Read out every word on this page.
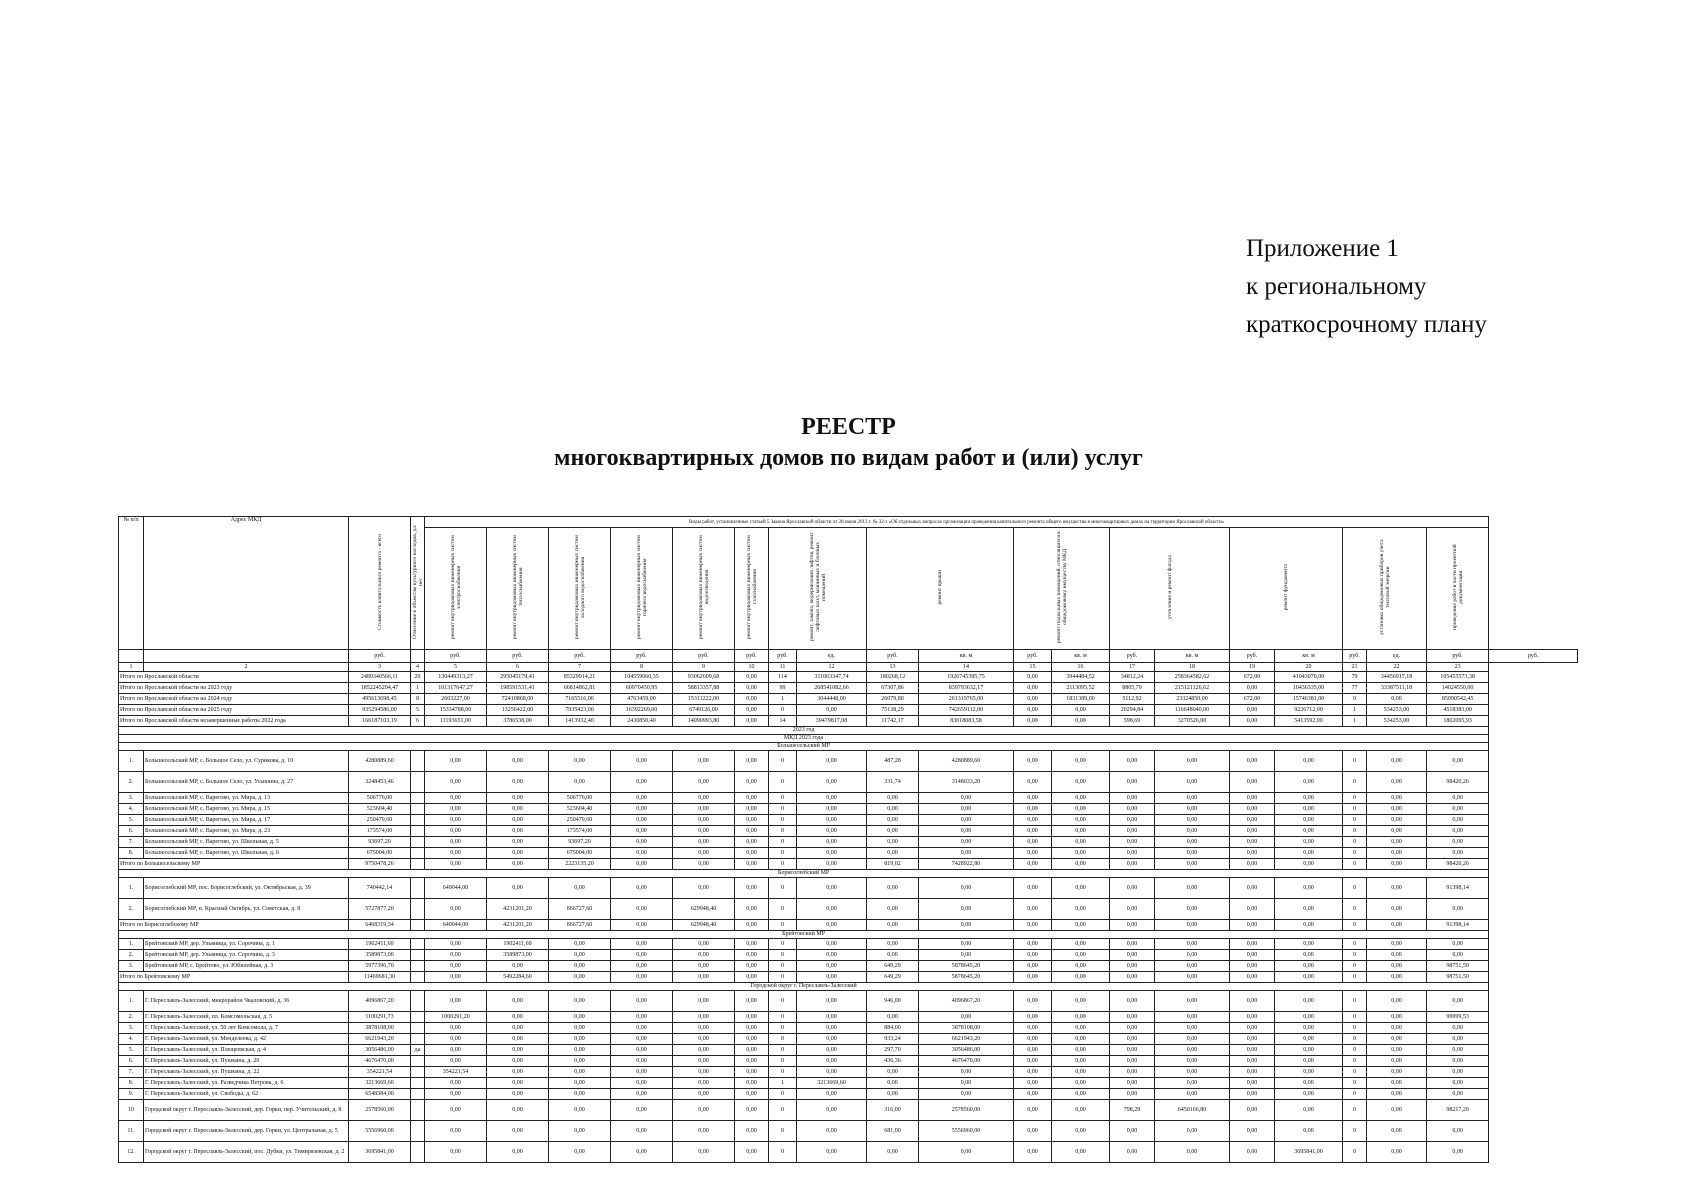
Приложение 1
к региональному
краткосрочному плану
РЕЕСТР
многоквартирных домов по видам работ и (или) услуг
№ п/п	Адрес МКД	Стоимость капитального ремонта - всего	Отнесение к объектам культурного наследия, да/нет	Виды работ, установленные статьей 5 Закона Ярославской области от 28 июня 2013 г. № 32-з «Об отдельных вопросах организации проведения капитального ремонта общего имущества в многоквартирных домах на территории Ярославской области»																			
				ремонт внутридомовых инженерных систем электроснабжения	ремонт внутридомовых инженерных систем теплоснабжения	ремонт внутридомовых инженерных систем холодного водоснабжения	ремонт внутридомовых инженерных систем горячего водоснабжения	ремонт внутридомовых инженерных систем водоотведения	ремонт внутридомовых инженерных систем газоснабжения	ремонт, замена, модернизация лифтов, ремонт лифтовых шахт, машинных и блочных помещений		ремонт крыши		ремонт подвальных помещений, относящихся к общедомовому имуществу МКД		утепление и ремонт фасада		ремонт фундамента		установка общедомовых приборов учета тепловой энергии		проведение работ в части проектной документации	
		руб.		руб.	руб.	руб.	руб.	руб.	руб.	руб.	ед.	руб.	кв. м	руб.	кв. м	руб.	кв. м	руб.	кв. м	руб.	ед.	руб.	руб.
1	2	3	4	5	6	7	8	9	10	11	12	13	14	15	16	17	18	19	20	21	22	23	
Итого по Ярославской области		2489340566,11	20	130449313,27	295045179,41	85329914,21	104559060,35	93062609,68	0,00	114	311063347,74	180268,12	1926745395,75	0,00	3944484,52	34812,24	258364582,62	672,00	41043070,00	79	34456917,18	105455573,38	
Итого по Ярославской области на 2023 году		1852245204,47	1	101317647,27	198591531,41	66814862,81	60970450,95	58813357,88	0,00	99	268541082,66	67307,86	839793632,17	0,00	2113095,52	8805,79	215121126,62	0,00	10436335,00	77	33387511,18	14024550,00	
Итого по Ярославской области на 2024 году		495613698,45	8	2603227,00	72410868,00	7165516,00	4763459,00	15311222,00	0,00	1	3044448,00	26079,80	261319765,00	0,00	1831389,00	5112,92	23324850,00	672,00	15746381,00	0	0,00	85090542,45	
Итого по Ярославской области на 2025 году		935294586,00	5	15334788,00	13256422,00	7935423,00	16392269,00	6749126,00	0,00	0	0,00	75138,29	742659112,00	0,00	0,00	20294,84	116648040,00	0,00	9226712,00	1	534253,00	4518383,00	
Итого по Ярославской области незавершенные работы 2022 года		166187103,19	6	11193651,00	3786538,00	1413932,40	2430850,40	14090993,80	0,00	14	39479817,08	11742,17	83018083,58	0,00	0,00	598,69	3270526,00	0,00	5413592,00	1	534253,00	1802095,93	
2023 год																							
МКД 2023 года																							
Большесельский МР																							
1.	Большесельский МР, с. Большое Село, ул. Сурикова, д. 10	4280889,60		0,00	0,00	0,00	0,00	0,00	0,00	0	0,00	487,28	4280889,60	0,00	0,00	0,00	0,00	0,00	0,00	0	0,00	0,00	
2.	Большесельский МР, с. Большое Село, ул. Усышина, д. 27	3248453,46		0,00	0,00	0,00	0,00	0,00	0,00	0	0,00	331,74	3148033,20	0,00	0,00	0,00	0,00	0,00	0,00	0	0,00	98420,26	
3.	Большесельский МР, с. Варегово, ул. Мира, д. 13	506776,00		0,00	0,00	506776,00	0,00	0,00	0,00	0	0,00	0,00	0,00	0,00	0,00	0,00	0,00	0,00	0,00	0	0,00	0,00	
4.	Большесельский МР, с. Варегово, ул. Мира, д. 15	523604,40		0,00	0,00	523604,40	0,00	0,00	0,00	0	0,00	0,00	0,00	0,00	0,00	0,00	0,00	0,00	0,00	0	0,00	0,00	
5.	Большесельский МР, с. Варегово, ул. Мира, д. 17	250479,60		0,00	0,00	250479,60	0,00	0,00	0,00	0	0,00	0,00	0,00	0,00	0,00	0,00	0,00	0,00	0,00	0	0,00	0,00	
6.	Большесельский МР, с. Варегово, ул. Мира, д. 23	173574,00		0,00	0,00	173574,00	0,00	0,00	0,00	0	0,00	0,00	0,00	0,00	0,00	0,00	0,00	0,00	0,00	0	0,00	0,00	
7.	Большесельский МР, с. Варегово, ул. Школьная, д. 5	93697,20		0,00	0,00	93697,20	0,00	0,00	0,00	0	0,00	0,00	0,00	0,00	0,00	0,00	0,00	0,00	0,00	0	0,00	0,00	
8.	Большесельский МР, с. Варегово, ул. Школьная, д. 6	675004,00		0,00	0,00	675004,00	0,00	0,00	0,00	0	0,00	0,00	0,00	0,00	0,00	0,00	0,00	0,00	0,00	0	0,00	0,00	
Итого по Большесельскому МР		9750478,26		0,00	0,00	2223135,20	0,00	0,00	0,00	0	0,00	819,02	7428922,80	0,00	0,00	0,00	0,00	0,00	0,00	0	0,00	98420,26	
Борисоглебский МР																							
1.	Борисоглебский МР, пос. Борисоглебский, ул. Октябрьская, д. 39	740442,14		649044,00	0,00	0,00	0,00	0,00	0,00	0	0,00	0,00	0,00	0,00	0,00	0,00	0,00	0,00	0,00	0	0,00	91398,14	
2.	Борисоглебский МР, п. Красный Октябрь, ул. Советская, д. 8	5727877,20		0,00	4231201,20	866727,60	0,00	629948,40	0,00	0	0,00	0,00	0,00	0,00	0,00	0,00	0,00	0,00	0,00	0	0,00	0,00	
Итого по Борисоглебскому МР		6468319,34		649044,00	4231201,20	866727,60	0,00	629948,40	0,00	0	0,00	0,00	0,00	0,00	0,00	0,00	0,00	0,00	0,00	0	0,00	91398,14	
Брейтовский МР																							
1.	Брейтовский МР, дер. Ульяница, ул. Сорочина, д. 1	1902411,60		0,00	1902411,60	0,00	0,00	0,00	0,00	0	0,00	0,00	0,00	0,00	0,00	0,00	0,00	0,00	0,00	0	0,00	0,00	
2.	Брейтовский МР, дер. Ульяница, ул. Сорочина, д. 3	3589873,00		0,00	3589873,00	0,00	0,00	0,00	0,00	0	0,00	0,00	0,00	0,00	0,00	0,00	0,00	0,00	0,00	0	0,00	0,00	
3.	Брейтовский МР, с. Брейтово, ул. Юбилейная, д. 3	5977396,70		0,00	0,00	0,00	0,00	0,00	0,00	0	0,00	649,29	5878645,20	0,00	0,00	0,00	0,00	0,00	0,00	0	0,00	98751,50	
Итого по Брейтовскому МР		11469681,30		0,00	5492284,60	0,00	0,00	0,00	0,00	0	0,00	649,29	5878645,20	0,00	0,00	0,00	0,00	0,00	0,00	0	0,00	98751,50	
Городской округ г. Переславль-Залесский																							
1.	Г. Переславль-Залесский, микрорайон Чкаловский, д. 36	4096867,20		0,00	0,00	0,00	0,00	0,00	0,00	0	0,00	946,00	4096867,20	0,00	0,00	0,00	0,00	0,00	0,00	0	0,00	0,00	
2.	Г. Переславль-Залесский, пл. Комсомольская, д. 5	1100291,73		1000291,20	0,00	0,00	0,00	0,00	0,00	0	0,00	0,00	0,00	0,00	0,00	0,00	0,00	0,00	0,00	0	0,00	99999,53	
3.	Г. Переславль-Залесский, ул. 50 лет Комсомола, д. 7	3878108,00		0,00	0,00	0,00	0,00	0,00	0,00	0	0,00	884,00	3878108,00	0,00	0,00	0,00	0,00	0,00	0,00	0	0,00	0,00	
4.	Г. Переславль-Залесский, ул. Менделеева, д. 42	6621943,20		0,00	0,00	0,00	0,00	0,00	0,00	0	0,00	933,24	6621943,20	0,00	0,00	0,00	0,00	0,00	0,00	0	0,00	0,00	
5.	Г. Переславль-Залесский, ул. Плещеевская, д. 4	3056486,00	да	0,00	0,00	0,00	0,00	0,00	0,00	0	0,00	297,70	3056486,00	0,00	0,00	0,00	0,00	0,00	0,00	0	0,00	0,00	
6.	Г. Переславль-Залесский, ул. Пушкина, д. 20	4676470,00		0,00	0,00	0,00	0,00	0,00	0,00	0	0,00	436,36	4676470,00	0,00	0,00	0,00	0,00	0,00	0,00	0	0,00	0,00	
7.	Г. Переславль-Залесский, ул. Пушкина, д. 22	354221,54		354221,54	0,00	0,00	0,00	0,00	0,00	0	0,00	0,00	0,00	0,00	0,00	0,00	0,00	0,00	0,00	0	0,00	0,00	
8.	Г. Переславль-Залесский, ул. Разведчика Петрова, д. 6	3213669,60		0,00	0,00	0,00	0,00	0,00	0,00	1	3213669,60	0,00	0,00	0,00	0,00	0,00	0,00	0,00	0,00	0	0,00	0,00	
9.	Г. Переславль-Залесский, ул. Свободы, д. 62	6548384,00		0,00	0,00	0,00	0,00	0,00	0,00	0	0,00	0,00	0,00	0,00	0,00	0,00	0,00	0,00	0,00	0	0,00	0,00	
10	Городской округ г. Переславль-Залесский, дер. Горки, пер. Учительский, д. 8	2578560,00		0,00	0,00	0,00	0,00	0,00	0,00	0	0,00	316,00	2578560,00	0,00	0,00	798,29	6450166,80	0,00	0,00	0	0,00	98217,20	
11.	Городской округ г. Переславль-Залесский, дер. Горки, ул. Центральная, д. 5	5556960,00		0,00	0,00	0,00	0,00	0,00	0,00	0	0,00	681,00	5556960,00	0,00	0,00	0,00	0,00	0,00	0,00	0	0,00	0,00	
12.	Городской округ г. Переславль-Залесский, пос. Дубки, ул. Тимирязевская, д. 2	3695841,00		0,00	0,00	0,00	0,00	0,00	0,00	0	0,00	0,00	0,00	0,00	0,00	0,00	0,00	0,00	3695841,00	0	0,00	0,00	
